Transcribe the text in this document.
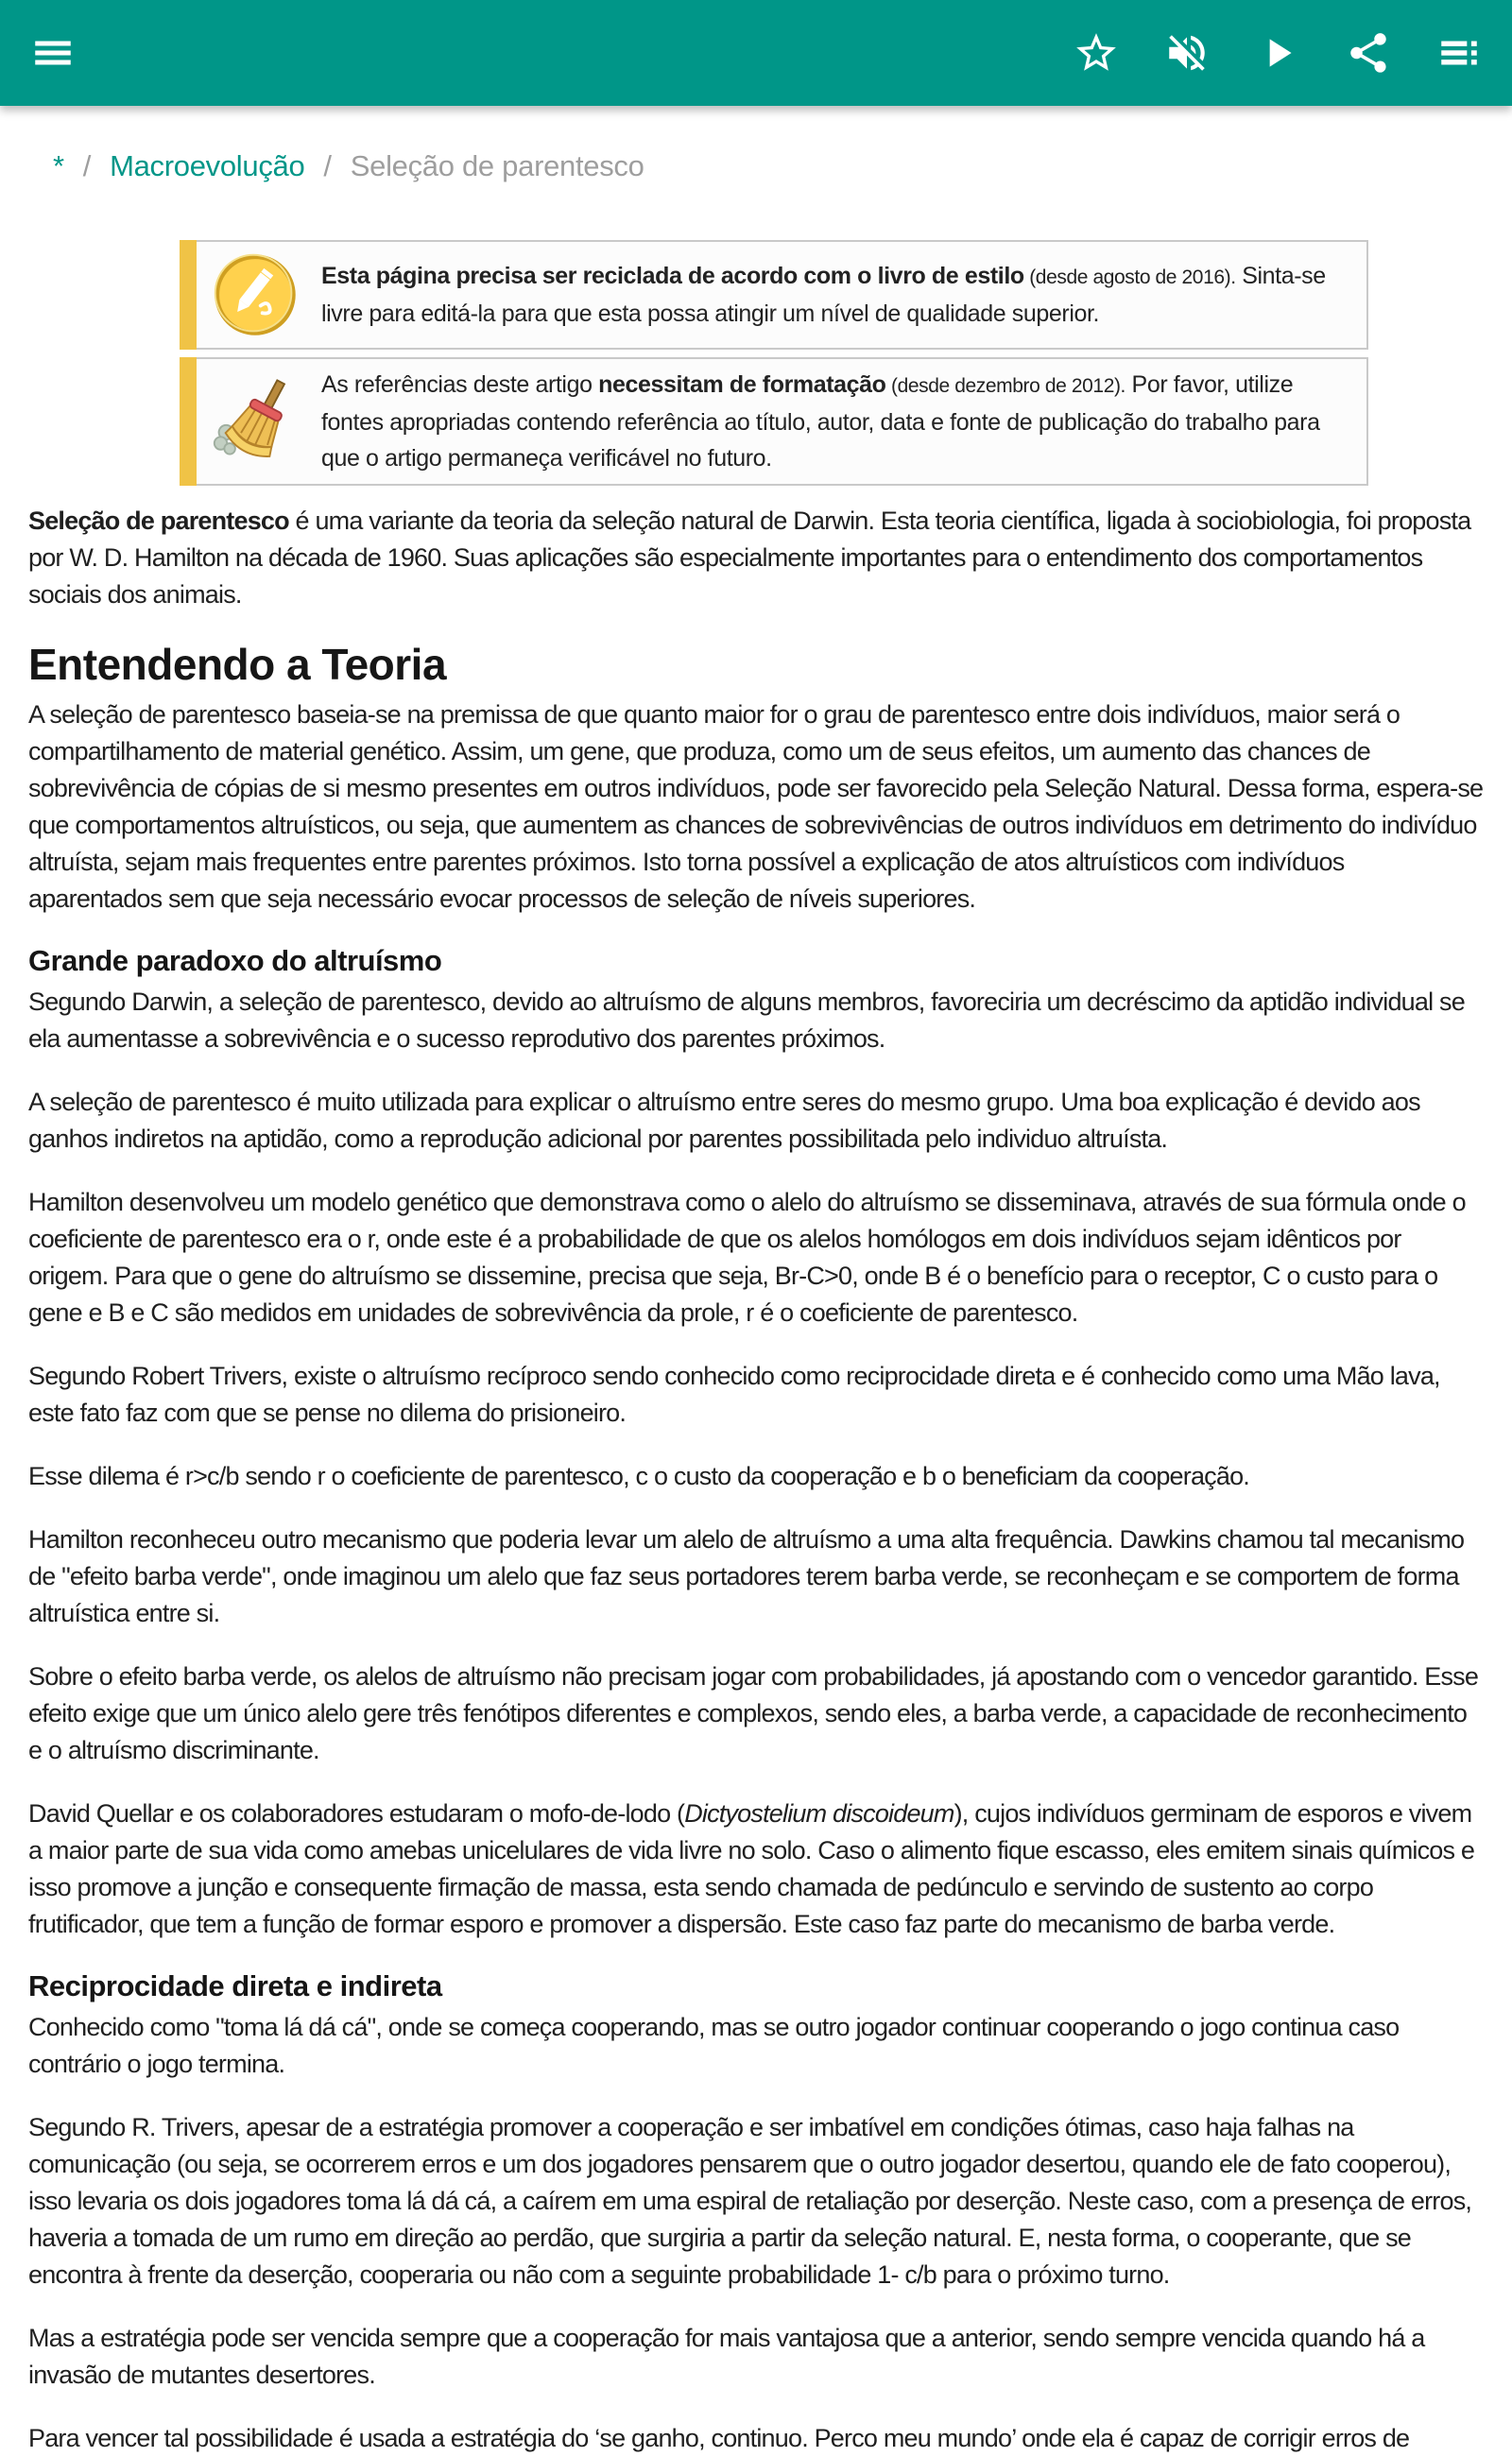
* / Macroevolução / Seleção de parentesco
Esta página precisa ser reciclada de acordo com o livro de estilo (desde agosto de 2016). Sinta-se livre para editá-la para que esta possa atingir um nível de qualidade superior.
As referências deste artigo necessitam de formatação (desde dezembro de 2012). Por favor, utilize fontes apropriadas contendo referência ao título, autor, data e fonte de publicação do trabalho para que o artigo permaneça verificável no futuro.

Seleção de parentesco é uma variante da teoria da seleção natural de Darwin. Esta teoria científica, ligada à sociobiologia, foi proposta por W. D. Hamilton na década de 1960. Suas aplicações são especialmente importantes para o entendimento dos comportamentos sociais dos animais.

Entendendo a Teoria

A seleção de parentesco baseia-se na premissa de que quanto maior for o grau de parentesco entre dois indivíduos, maior será o compartilhamento de material genético. Assim, um gene, que produza, como um de seus efeitos, um aumento das chances de sobrevivência de cópias de si mesmo presentes em outros indivíduos, pode ser favorecido pela Seleção Natural. Dessa forma, espera-se que comportamentos altruísticos, ou seja, que aumentem as chances de sobrevivências de outros indivíduos em detrimento do indivíduo altruísta, sejam mais frequentes entre parentes próximos. Isto torna possível a explicação de atos altruísticos com indivíduos aparentados sem que seja necessário evocar processos de seleção de níveis superiores.

Grande paradoxo do altruísmo

Segundo Darwin, a seleção de parentesco, devido ao altruísmo de alguns membros, favoreciria um decréscimo da aptidão individual se ela aumentasse a sobrevivência e o sucesso reprodutivo dos parentes próximos.

A seleção de parentesco é muito utilizada para explicar o altruísmo entre seres do mesmo grupo. Uma boa explicação é devido aos ganhos indiretos na aptidão, como a reprodução adicional por parentes possibilitada pelo individuo altruísta.

Hamilton desenvolveu um modelo genético que demonstrava como o alelo do altruísmo se disseminava, através de sua fórmula onde o coeficiente de parentesco era o r, onde este é a probabilidade de que os alelos homólogos em dois indivíduos sejam idênticos por origem. Para que o gene do altruísmo se dissemine, precisa que seja, Br-C>0, onde B é o benefício para o receptor, C o custo para o gene e B e C são medidos em unidades de sobrevivência da prole, r é o coeficiente de parentesco.

Segundo Robert Trivers, existe o altruísmo recíproco sendo conhecido como reciprocidade direta e é conhecido como uma Mão lava, este fato faz com que se pense no dilema do prisioneiro.

Esse dilema é r>c/b sendo r o coeficiente de parentesco, c o custo da cooperação e b o beneficiam da cooperação.

Hamilton reconheceu outro mecanismo que poderia levar um alelo de altruísmo a uma alta frequência. Dawkins chamou tal mecanismo de "efeito barba verde", onde imaginou um alelo que faz seus portadores terem barba verde, se reconheçam e se comportem de forma altruística entre si.

Sobre o efeito barba verde, os alelos de altruísmo não precisam jogar com probabilidades, já apostando com o vencedor garantido. Esse efeito exige que um único alelo gere três fenótipos diferentes e complexos, sendo eles, a barba verde, a capacidade de reconhecimento e o altruísmo discriminante.

David Quellar e os colaboradores estudaram o mofo-de-lodo (Dictyostelium discoideum), cujos indivíduos germinam de esporos e vivem a maior parte de sua vida como amebas unicelulares de vida livre no solo. Caso o alimento fique escasso, eles emitem sinais químicos e isso promove a junção e consequente firmação de massa, esta sendo chamada de pedúnculo e servindo de sustento ao corpo frutificador, que tem a função de formar esporo e promover a dispersão. Este caso faz parte do mecanismo de barba verde.

Reciprocidade direta e indireta

Conhecido como "toma lá dá cá", onde se começa cooperando, mas se outro jogador continuar cooperando o jogo continua caso contrário o jogo termina.

Segundo R. Trivers, apesar de a estratégia promover a cooperação e ser imbatível em condições ótimas, caso haja falhas na comunicação (ou seja, se ocorrerem erros e um dos jogadores pensarem que o outro jogador desertou, quando ele de fato cooperou), isso levaria os dois jogadores toma lá dá cá, a caírem em uma espiral de retaliação por deserção. Neste caso, com a presença de erros, haveria a tomada de um rumo em direção ao perdão, que surgiria a partir da seleção natural. E, nesta forma, o cooperante, que se encontra à frente da deserção, cooperaria ou não com a seguinte probabilidade 1- c/b para o próximo turno.

Mas a estratégia pode ser vencida sempre que a cooperação for mais vantajosa que a anterior, sendo sempre vencida quando há a invasão de mutantes desertores.

Para vencer tal possibilidade é usada a estratégia do ‘se ganho, continuo. Perco meu mundo’ onde ela é capaz de corrigir erros de
